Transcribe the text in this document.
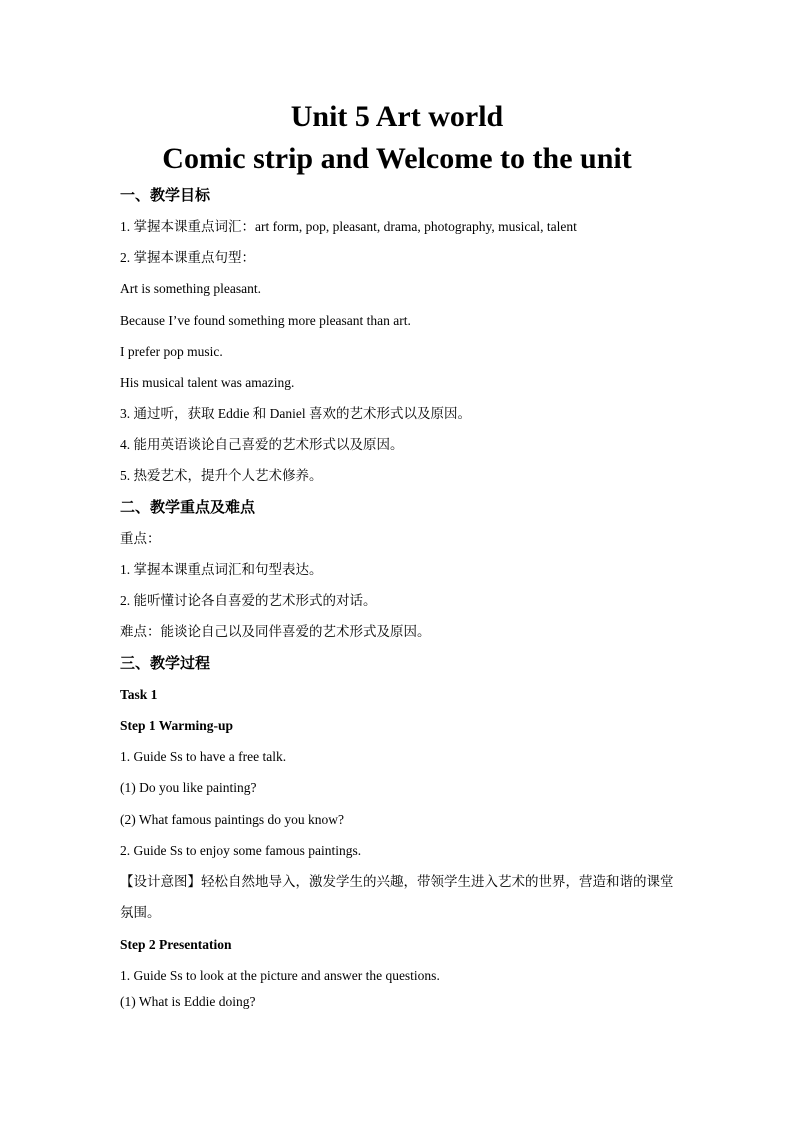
Unit 5 Art world
Comic strip and Welcome to the unit
一、教学目标
1. 掌握本课重点词汇：art form, pop, pleasant, drama, photography, musical, talent
2. 掌握本课重点句型：
Art is something pleasant.
Because I’ve found something more pleasant than art.
I prefer pop music.
His musical talent was amazing.
3. 通过听，获取 Eddie 和 Daniel 喜欢的艺术形式以及原因。
4. 能用英语谈论自己喜爱的艺术形式以及原因。
5. 热爱艺术，提升个人艺术修养。
二、教学重点及难点
重点：
1. 掌握本课重点词汇和句型表达。
2. 能听懂讨论各自喜爱的艺术形式的对话。
难点：能谈论自己以及同伴喜爱的艺术形式及原因。
三、教学过程
Task 1
Step 1 Warming-up
1. Guide Ss to have a free talk.
(1) Do you like painting?
(2) What famous paintings do you know?
2. Guide Ss to enjoy some famous paintings.
【设计意图】轻松自然地导入，激发学生的兴趣，带领学生进入艺术的世界，营造和谐的课堂氛围。
Step 2 Presentation
1. Guide Ss to look at the picture and answer the questions.
(1) What is Eddie doing?
